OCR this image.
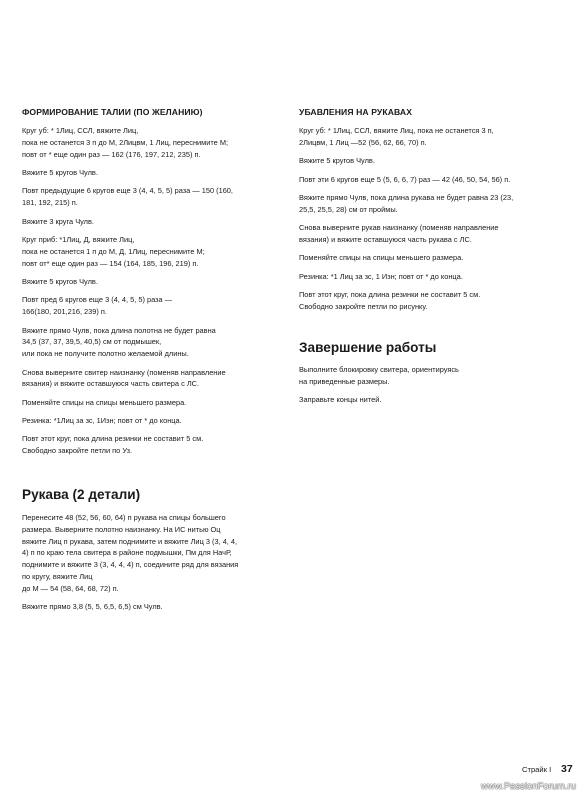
ФОРМИРОВАНИЕ ТАЛИИ (ПО ЖЕЛАНИЮ)

Круг уб: * 1Лиц, ССЛ, вяжите Лиц,
пока не останется 3 п до М, 2Лицвм, 1 Лиц, переснимите М;
повт от * еще один раз — 162 (176, 197, 212, 235) п.

Вяжите 5 кругов Чулв.

Повт предыдущие 6 кругов еще 3 (4, 4, 5, 5) раза — 150 (160,
181, 192, 215) п.

Вяжите 3 круга Чулв.

Круг приб: *1Лиц, Д, вяжите Лиц,
пока не останется 1 п до М, Д, 1Лиц, переснимите М;
повт от* еще один раз — 154 (164, 185, 196, 219) п.

Вяжите 5 кругов Чулв.

Повт пред 6 кругов еще 3 (4, 4, 5, 5) раза —
166(180, 201,216, 239) п.

Вяжите прямо Чулв, пока длина полотна не будет равна
34,5 (37, 37, 39,5, 40,5) см от подмышек,
или пока не получите полотно желаемой длины.

Снова выверните свитер наизнанку (поменяв направление
вязания) и вяжите оставшуюся часть свитера с ЛС.

Поменяйте спицы на спицы меньшего размера.

Резинка: *1Лиц за зс, 1Изн; повт от * до конца.

Повт этот круг, пока длина резинки не составит 5 см.
Свободно закройте петли по Уз.

Рукава (2 детали)

Перенесите 48 (52, 56, 60, 64) п рукава на спицы большего
размера. Выверните полотно наизнанку. На ИС нитью Оц
вяжите Лиц п рукава, затем поднимите и вяжите Лиц 3 (3, 4, 4,
4) п по краю тела свитера в районе подмышки, Пм для НачР,
поднимите и вяжите 3 (3, 4, 4, 4) п, соедините ряд для вязания
по кругу, вяжите Лиц
до М — 54 (58, 64, 68, 72) п.

Вяжите прямо 3,8 (5, 5, 6,5, 6,5) см Чулв.

УБАВЛЕНИЯ НА РУКАВАХ

Круг уб: * 1Лиц, ССЛ, вяжите Лиц, пока не останется 3 п,
2Лицвм, 1 Лиц —52 (56, 62, 66, 70) п.

Вяжите 5 кругов Чулв.

Повт эти 6 кругов еще 5 (5, 6, 6, 7) раз — 42 (46, 50, 54, 56) п.

Вяжите прямо Чулв, пока длина рукава не будет равна 23 (23,
25,5, 25,5, 28) см от проймы.

Снова выверните рукав наизнанку (поменяв направление
вязания) и вяжите оставшуюся часть рукава с ЛС.

Поменяйте спицы на спицы меньшего размера.

Резинка: *1 Лиц за зс, 1 Изн; повт от * до конца.

Повт этот круг, пока длина резинки не составит 5 см.
Свободно закройте петли по рисунку.

Завершение работы

Выполните блокировку свитера, ориентируясь
на приведенные размеры.

Заправьте концы нитей.

Страйк I 37
www.PassionForum.ru
